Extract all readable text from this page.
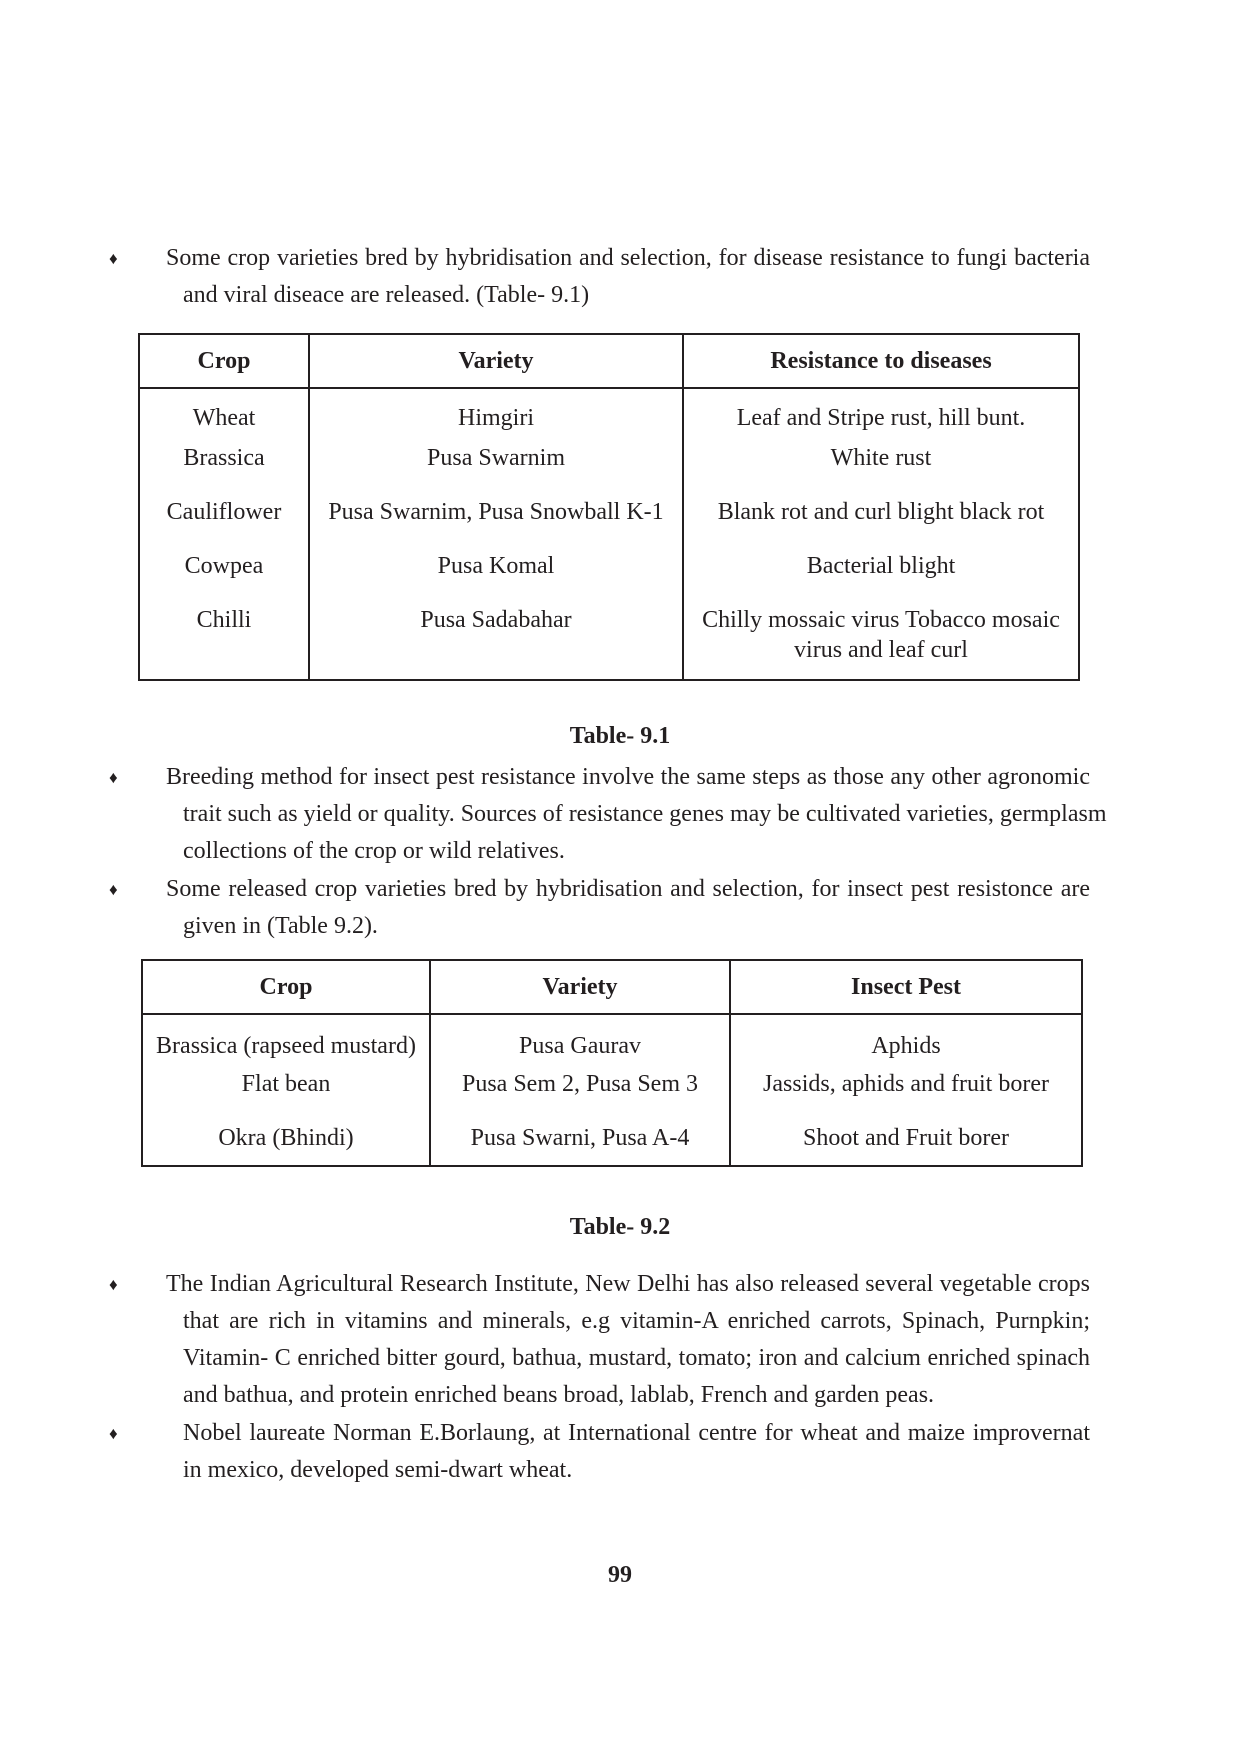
♦ Some crop varieties bred by hybridisation and selection, for disease resistance to fungi bacteria
and viral diseace are released. (Table- 9.1)
Crop	Variety	Resistance to diseases
Wheat	Himgiri	Leaf and Stripe rust, hill bunt.
Brassica	Pusa Swarnim	White rust
Cauliflower	Pusa Swarnim, Pusa Snowball K-1	Blank rot and curl blight black rot
Cowpea	Pusa Komal	Bacterial blight
Chilli	Pusa Sadabahar	Chilly mossaic virus Tobacco mosaic virus and leaf curl
Table- 9.1
♦ Breeding method for insect pest resistance involve the same steps as those any other agronomic
trait such as yield or quality. Sources of resistance genes may be cultivated varieties, germplasm
collections of the crop or wild relatives.
♦ Some released crop varieties bred by hybridisation and selection, for insect pest resistonce are
given in (Table 9.2).
Crop	Variety	Insect Pest
Brassica (rapseed mustard)	Pusa Gaurav	Aphids
Flat bean	Pusa Sem 2, Pusa Sem 3	Jassids, aphids and fruit borer
Okra (Bhindi)	Pusa Swarni, Pusa A-4	Shoot and Fruit borer
Table- 9.2
♦ The Indian Agricultural Research Institute, New Delhi has also released several vegetable crops
that are rich in vitamins and minerals, e.g vitamin-A enriched carrots, Spinach, Purnpkin;
Vitamin- C enriched bitter gourd, bathua, mustard, tomato; iron and calcium enriched spinach
and bathua, and protein enriched beans broad, lablab, French and garden peas.
♦	Nobel laureate Norman E.Borlaung, at International centre for wheat and maize improvernat
in mexico, developed semi-dwart wheat.
99
